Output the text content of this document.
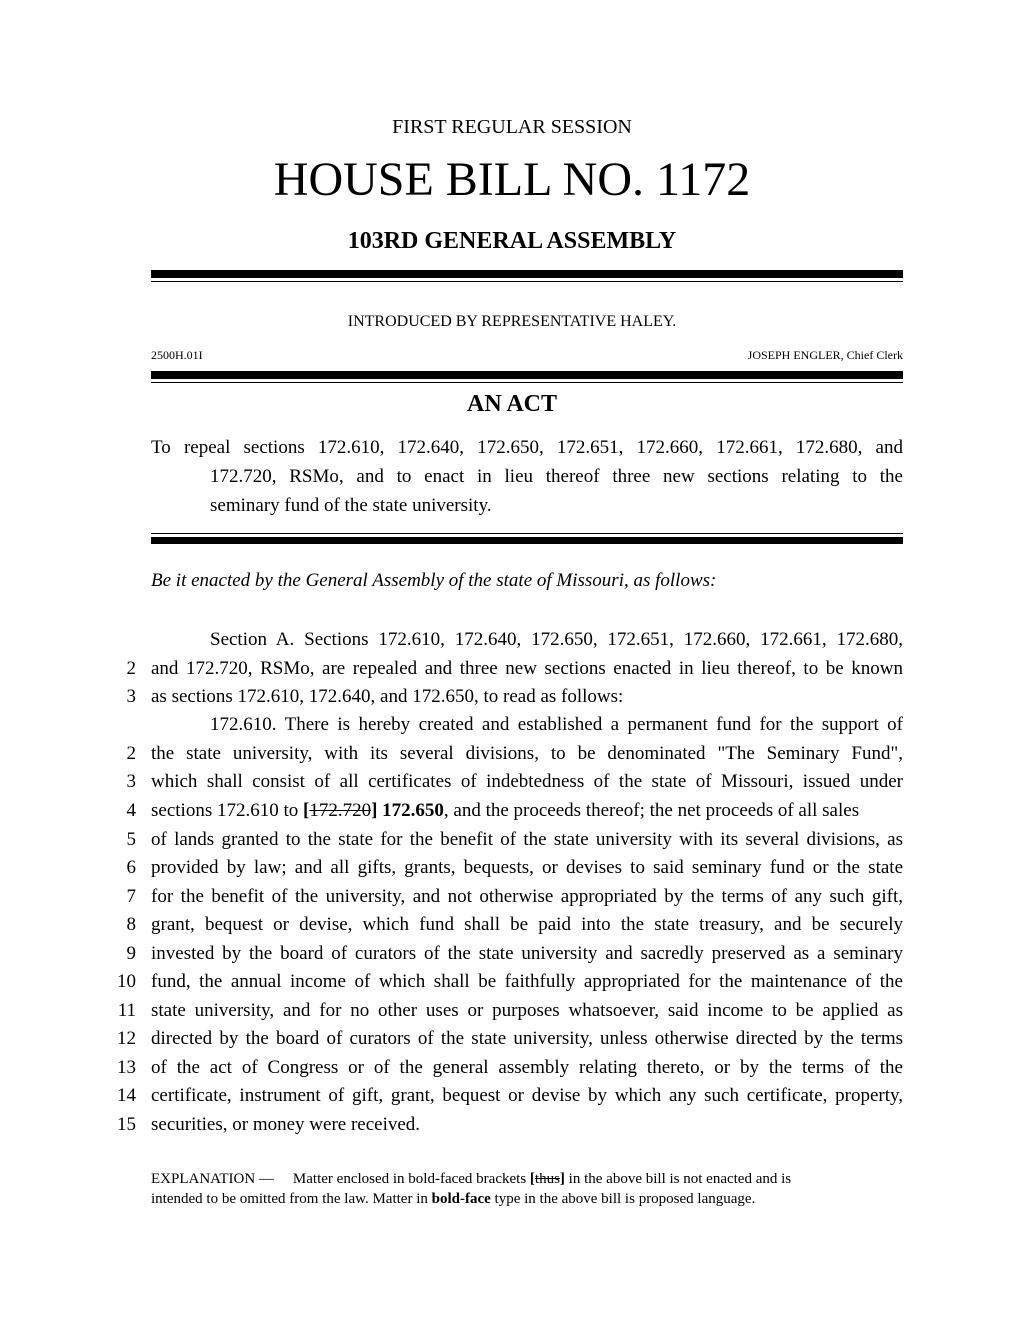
FIRST REGULAR SESSION
HOUSE BILL NO. 1172
103RD GENERAL ASSEMBLY
INTRODUCED BY REPRESENTATIVE HALEY.
2500H.01I	JOSEPH ENGLER, Chief Clerk
AN ACT
To repeal sections 172.610, 172.640, 172.650, 172.651, 172.660, 172.661, 172.680, and
172.720, RSMo, and to enact in lieu thereof three new sections relating to the
seminary fund of the state university.
Be it enacted by the General Assembly of the state of Missouri, as follows:
Section A. Sections 172.610, 172.640, 172.650, 172.651, 172.660, 172.661, 172.680,
2 and 172.720, RSMo, are repealed and three new sections enacted in lieu thereof, to be known
3 as sections 172.610, 172.640, and 172.650, to read as follows:
172.610. There is hereby created and established a permanent fund for the support of
2 the state university, with its several divisions, to be denominated "The Seminary Fund",
3 which shall consist of all certificates of indebtedness of the state of Missouri, issued under
4 sections 172.610 to [172.720] 172.650, and the proceeds thereof; the net proceeds of all sales
5 of lands granted to the state for the benefit of the state university with its several divisions, as
6 provided by law; and all gifts, grants, bequests, or devises to said seminary fund or the state
7 for the benefit of the university, and not otherwise appropriated by the terms of any such gift,
8 grant, bequest or devise, which fund shall be paid into the state treasury, and be securely
9 invested by the board of curators of the state university and sacredly preserved as a seminary
10 fund, the annual income of which shall be faithfully appropriated for the maintenance of the
11 state university, and for no other uses or purposes whatsoever, said income to be applied as
12 directed by the board of curators of the state university, unless otherwise directed by the terms
13 of the act of Congress or of the general assembly relating thereto, or by the terms of the
14 certificate, instrument of gift, grant, bequest or devise by which any such certificate, property,
15 securities, or money were received.
EXPLANATION — Matter enclosed in bold-faced brackets [thus] in the above bill is not enacted and is
intended to be omitted from the law. Matter in bold-face type in the above bill is proposed language.
